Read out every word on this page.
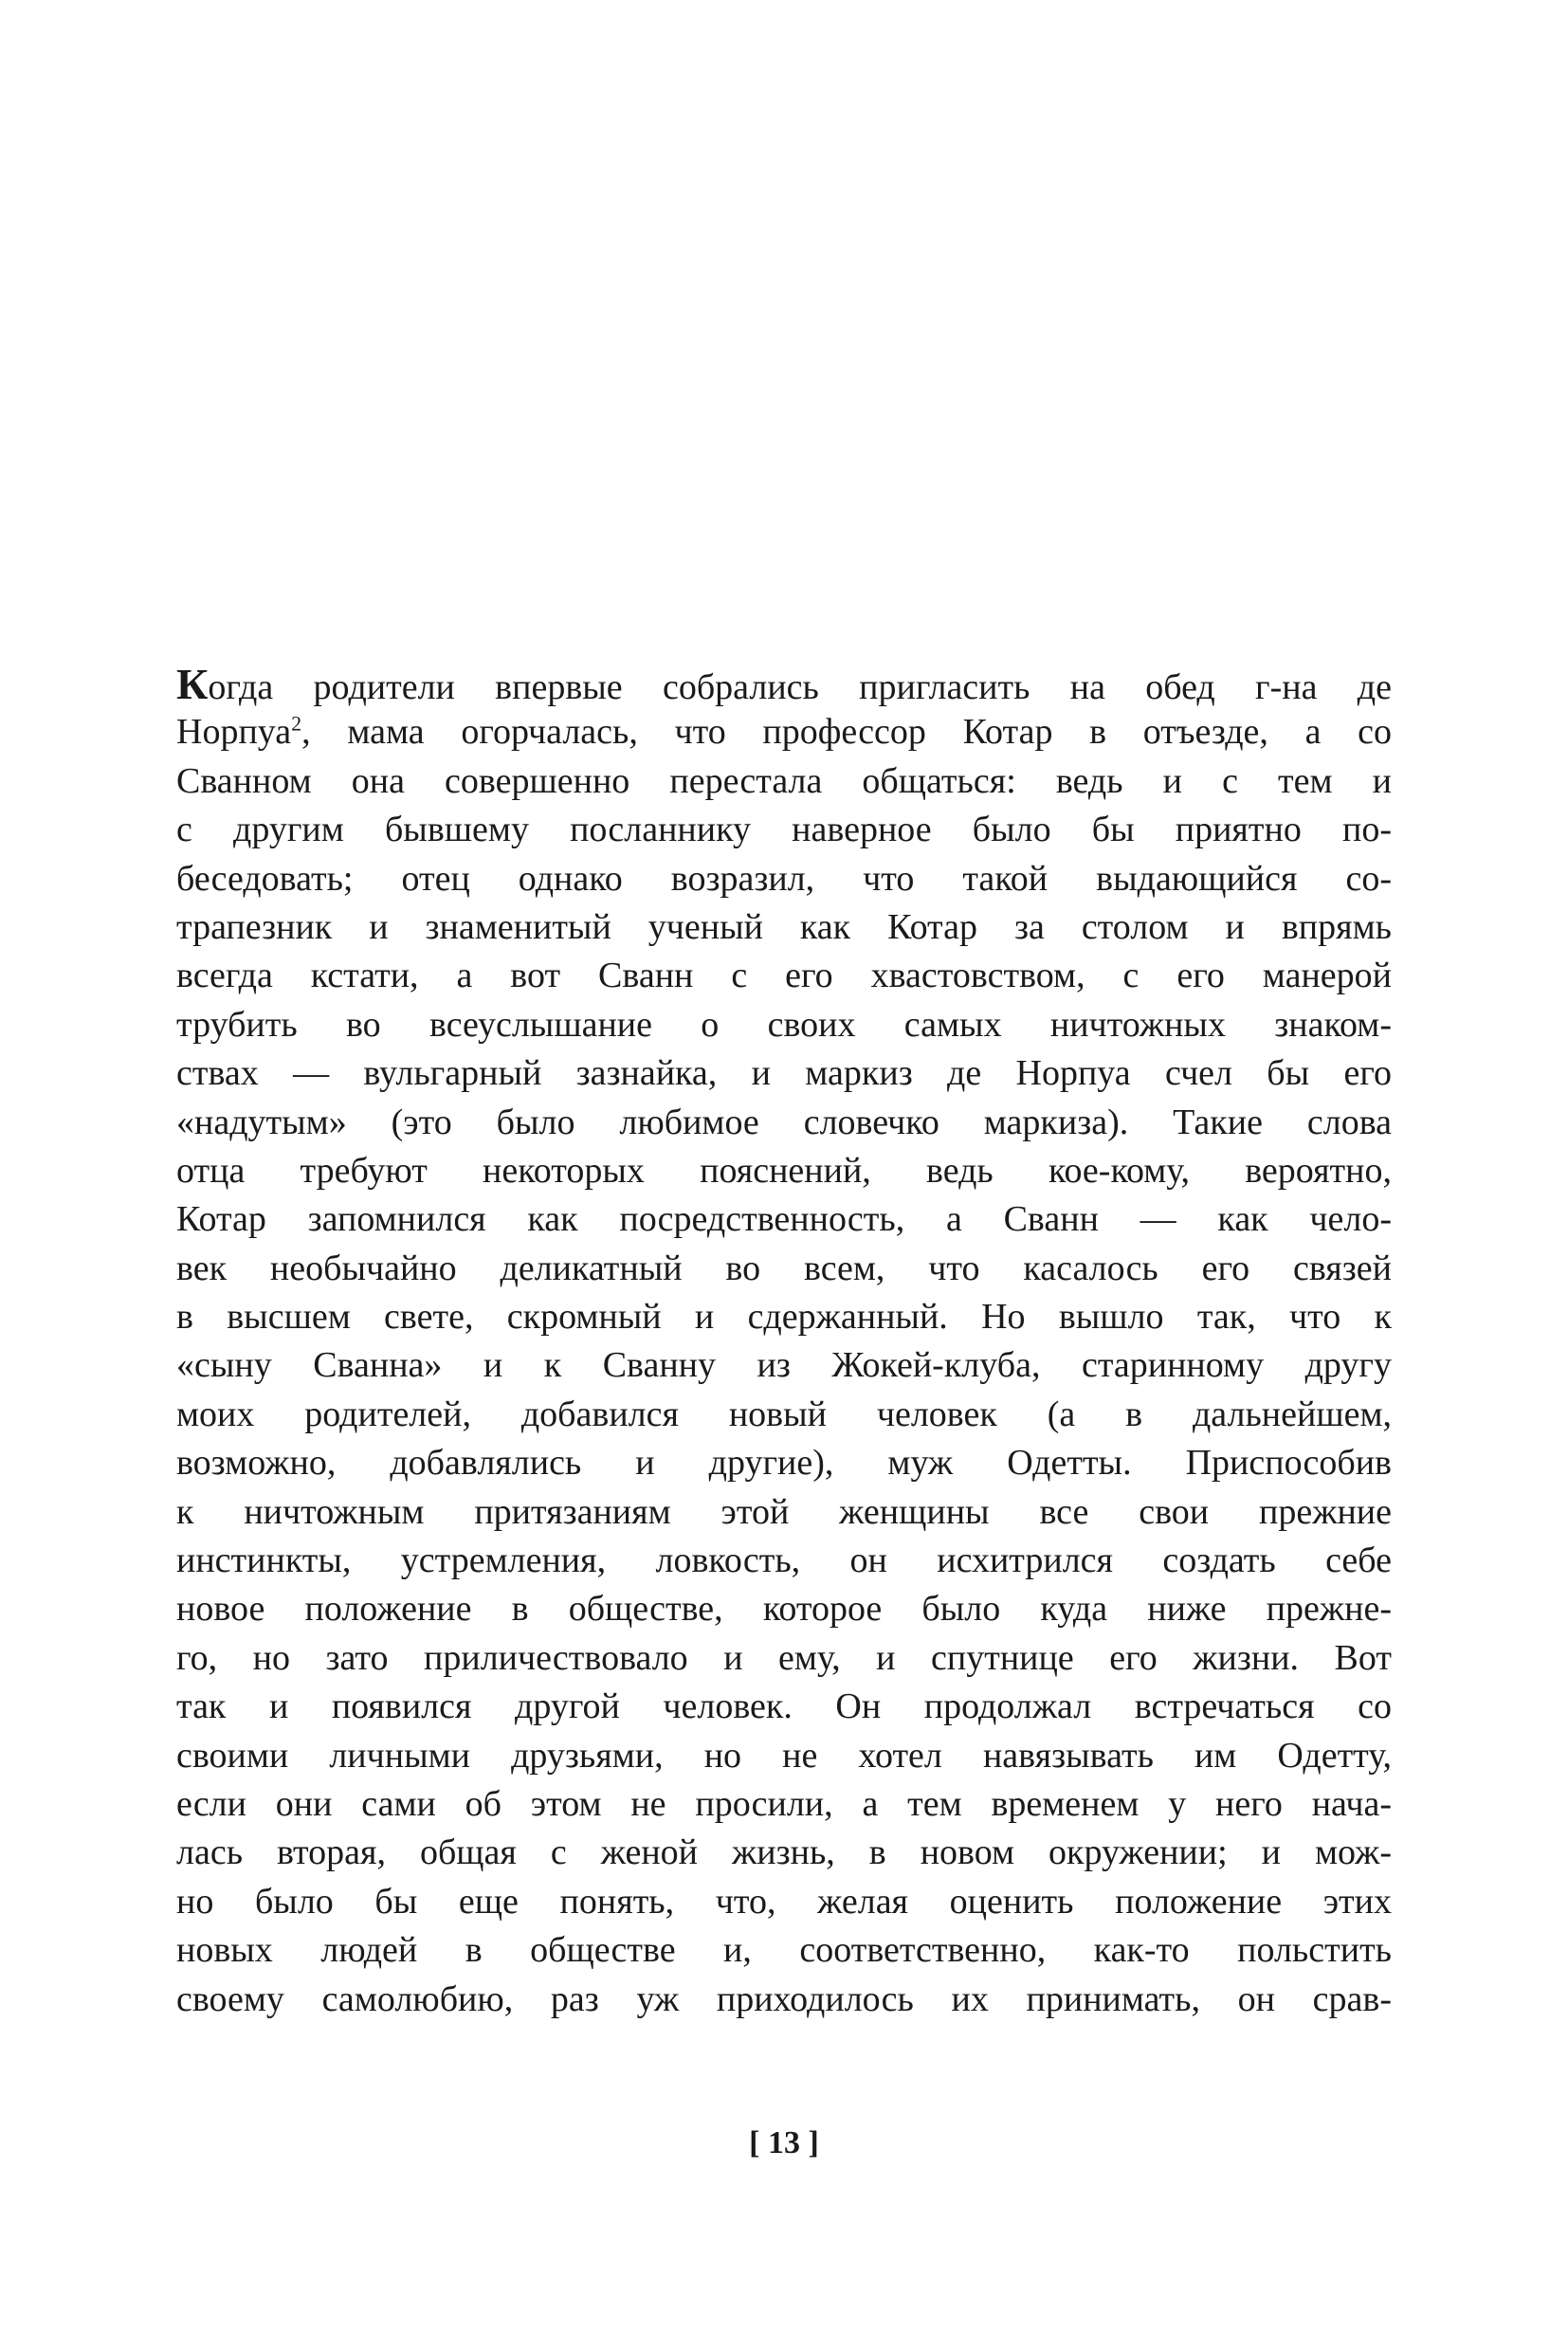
Когда родители впервые собрались пригласить на обед г-на де
Норпуа$^2$, мама огорчалась, что профессор Котар в отъезде, а со
Сванном она совершенно перестала общаться: ведь и с тем и
с другим бывшему посланнику наверное было бы приятно по-
беседовать; отец однако возразил, что такой выдающийся со-
трапезник и знаменитый ученый как Котар за столом и впрямь
всегда кстати, а вот Сванн с его хвастовством, с его манерой
трубить во всеуслышание о своих самых ничтожных знаком-
ствах — вульгарный зазнайка, и маркиз де Норпуа счел бы его
«надутым» (это было любимое словечко маркиза). Такие слова
отца требуют некоторых пояснений, ведь кое-кому, вероятно,
Котар запомнился как посредственность, а Сванн — как чело-
век необычайно деликатный во всем, что касалось его связей
в высшем свете, скромный и сдержанный. Но вышло так, что к
«сыну Сванна» и к Сванну из Жокей-клуба, старинному другу
моих родителей, добавился новый человек (а в дальнейшем,
возможно, добавлялись и другие), муж Одетты. Приспособив
к ничтожным притязаниям этой женщины все свои прежние
инстинкты, устремления, ловкость, он исхитрился создать себе
новое положение в обществе, которое было куда ниже прежне-
го, но зато приличествовало и ему, и спутнице его жизни. Вот
так и появился другой человек. Он продолжал встречаться со
своими личными друзьями, но не хотел навязывать им Одетту,
если они сами об этом не просили, а тем временем у него нача-
лась вторая, общая с женой жизнь, в новом окружении; и мож-
но было бы еще понять, что, желая оценить положение этих
новых людей в обществе и, соответственно, как-то польстить
своему самолюбию, раз уж приходилось их принимать, он срав-
[ 13 ]
